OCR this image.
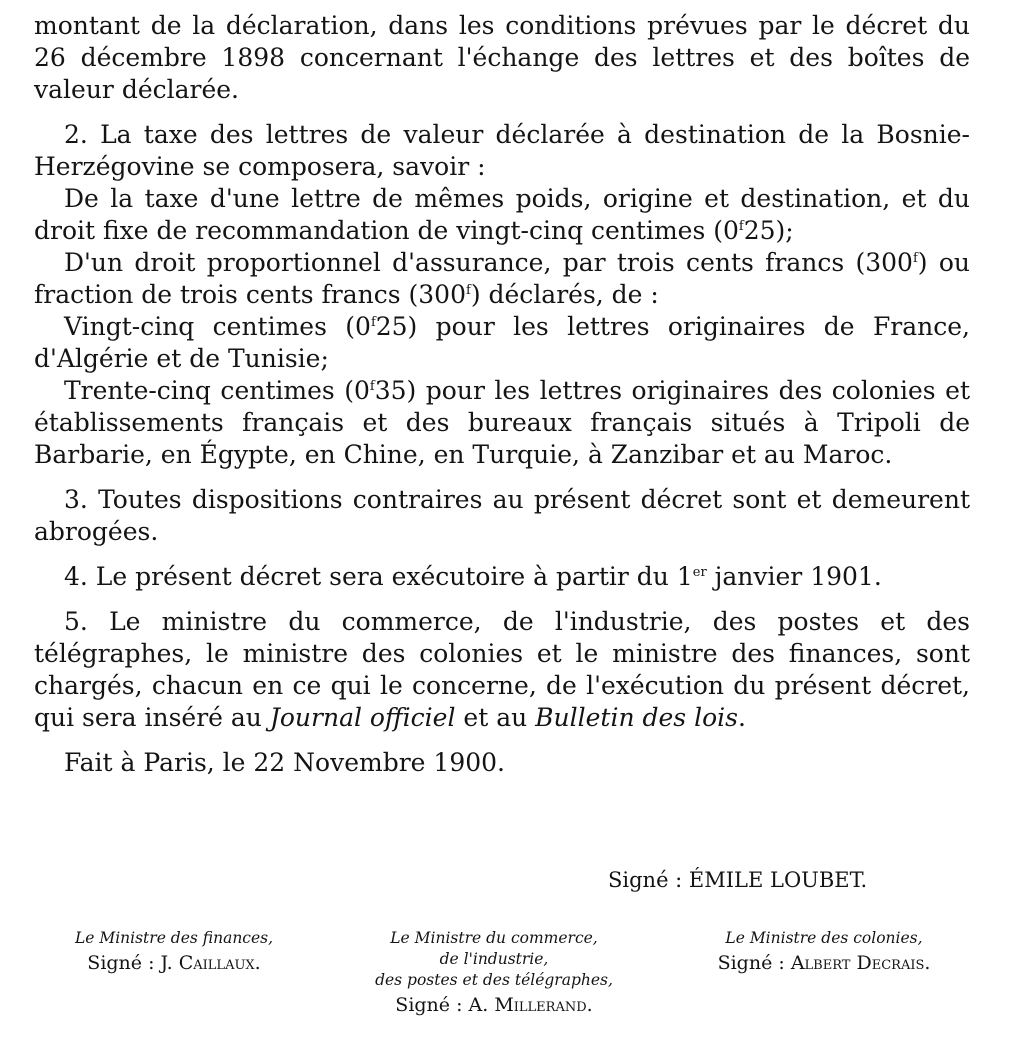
montant de la déclaration, dans les conditions prévues par le décret du 26 décembre 1898 concernant l'échange des lettres et des boîtes de valeur déclarée.

2. La taxe des lettres de valeur déclarée à destination de la Bosnie-Herzégovine se composera, savoir :

De la taxe d'une lettre de mêmes poids, origine et destination, et du droit fixe de recommandation de vingt-cinq centimes (0$^f$25);

D'un droit proportionnel d'assurance, par trois cents francs (300$^f$) ou fraction de trois cents francs (300$^f$) déclarés, de :

Vingt-cinq centimes (0$^f$25) pour les lettres originaires de France, d'Algérie et de Tunisie;

Trente-cinq centimes (0$^f$35) pour les lettres originaires des colonies et établissements français et des bureaux français situés à Tripoli de Barbarie, en Égypte, en Chine, en Turquie, à Zanzibar et au Maroc.

3. Toutes dispositions contraires au présent décret sont et demeurent abrogées.

4. Le présent décret sera exécutoire à partir du 1er janvier 1901.

5. Le ministre du commerce, de l'industrie, des postes et des télégraphes, le ministre des colonies et le ministre des finances, sont chargés, chacun en ce qui le concerne, de l'exécution du présent décret, qui sera inséré au Journal officiel et au Bulletin des lois.

Fait à Paris, le 22 Novembre 1900.

Signé : ÉMILE LOUBET.
Le Ministre des finances,
Signé : J. Caillaux.
Le Ministre du commerce,
de l'industrie,
des postes et des télégraphes,
Signé : A. Millerand.
Le Ministre des colonies,
Signé : Albert Decrais.
